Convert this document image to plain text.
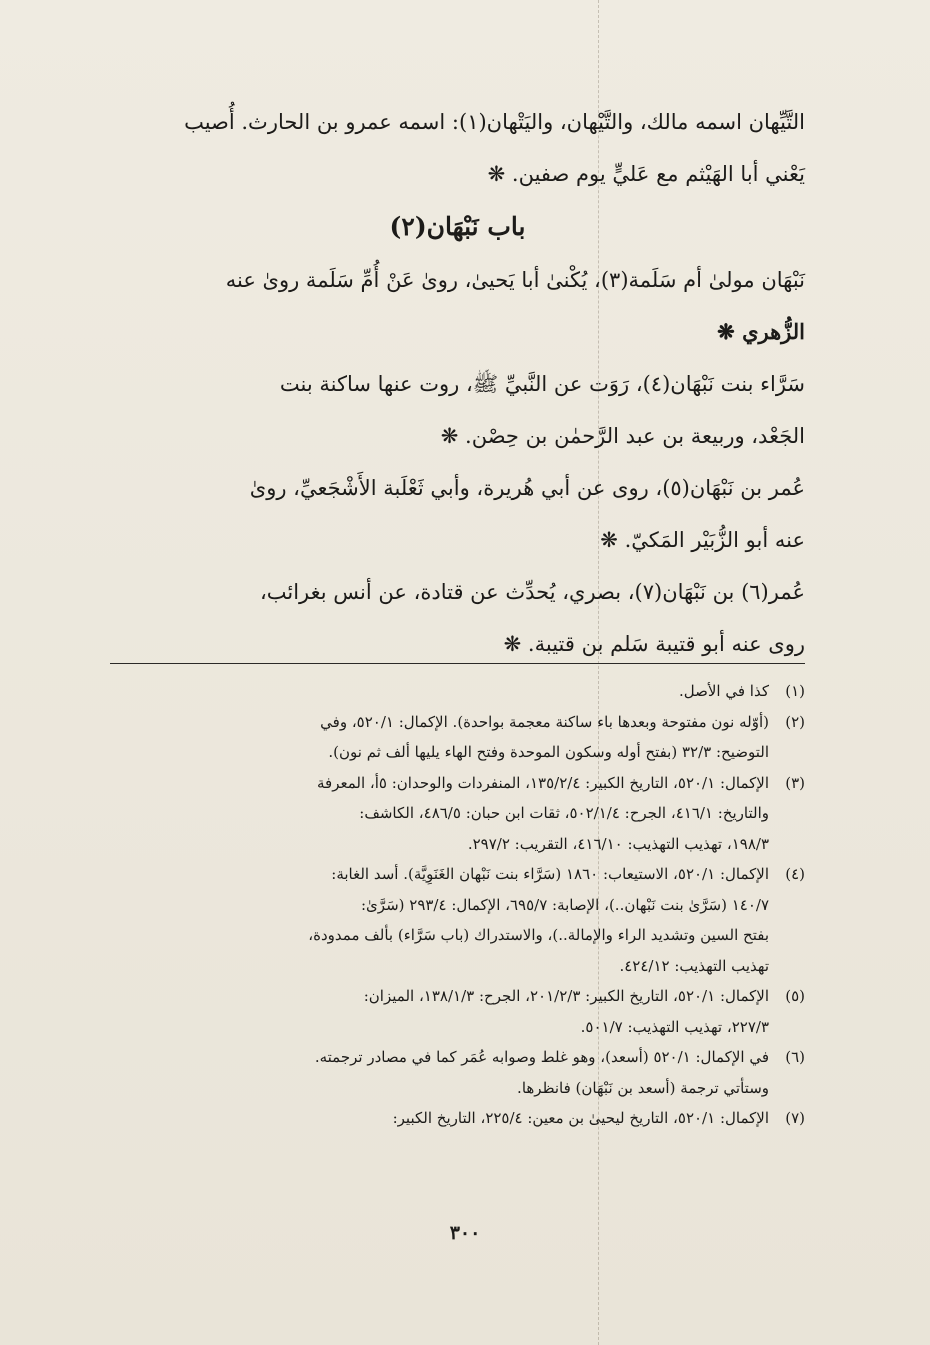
التَّيِّهان اسمه مالك، والتَّيْهان، واليَتْهان(١): اسمه عمرو بن الحارث. أُصيب
يَعْني أبا الهَيْثم مع عَليٍّ يوم صفين. ❋

باب نَبْهَان(٢)

نَبْهَان مولىٰ أم سَلَمة(٣)، يُكْنىٰ أبا يَحيىٰ، روىٰ عَنْ أُمِّ سَلَمة روىٰ عنه
الزُّهري ❋

سَرَّاء بنت نَبْهَان(٤)، رَوَت عن النَّبيِّ ﷺ، روت عنها ساكنة بنت
الجَعْد، وربيعة بن عبد الرَّحمٰن بن حِصْن. ❋

عُمر بن نَبْهَان(٥)، روى عن أبي هُريرة، وأبي ثَعْلَبة الأَشْجَعيِّ، روىٰ
عنه أبو الزُّبَيْر المَكيّ. ❋

عُمر(٦) بن نَبْهَان(٧)، بصري، يُحدِّث عن قتادة، عن أنس بغرائب،
روى عنه أبو قتيبة سَلم بن قتيبة. ❋

(١)
كذا في الأصل.
(٢)
(أوّله نون مفتوحة وبعدها باء ساكنة معجمة بواحدة). الإكمال: ٥٢٠/١، وفي
التوضيح: ٣٢/٣ (بفتح أوله وسكون الموحدة وفتح الهاء يليها ألف ثم نون).
(٣)
الإكمال: ٥٢٠/١، التاريخ الكبير: ١٣٥/٢/٤، المنفردات والوحدان: ٥أ، المعرفة
والتاريخ: ٤١٦/١، الجرح: ٥٠٢/١/٤، ثقات ابن حبان: ٤٨٦/٥، الكاشف:
١٩٨/٣، تهذيب التهذيب: ٤١٦/١٠، التقريب: ٢٩٧/٢.
(٤)
الإكمال: ٥٢٠/١، الاستيعاب: ١٨٦٠ (سَرَّاء بنت نَبْهان الغَنَوِيَّة). أسد الغابة:
١٤٠/٧ (سَرَّىٰ بنت نَبْهان..)، الإصابة: ٦٩٥/٧، الإكمال: ٢٩٣/٤ (سَرَّىٰ:
بفتح السين وتشديد الراء والإمالة..)، والاستدراك (باب سَرَّاء) بألف ممدودة،
تهذيب التهذيب: ٤٢٤/١٢.
(٥)
الإكمال: ٥٢٠/١، التاريخ الكبير: ٢٠١/٢/٣، الجرح: ١٣٨/١/٣، الميزان:
٢٢٧/٣، تهذيب التهذيب: ٥٠١/٧.
(٦)
في الإكمال: ٥٢٠/١ (أسعد)، وهو غلط وصوابه عُمَر كما في مصادر ترجمته.
وستأتي ترجمة (أسعد بن نَبْهَان) فانظرها.
(٧)
الإكمال: ٥٢٠/١، التاريخ ليحيىٰ بن معين: ٢٢٥/٤، التاريخ الكبير:
٣٠٠
